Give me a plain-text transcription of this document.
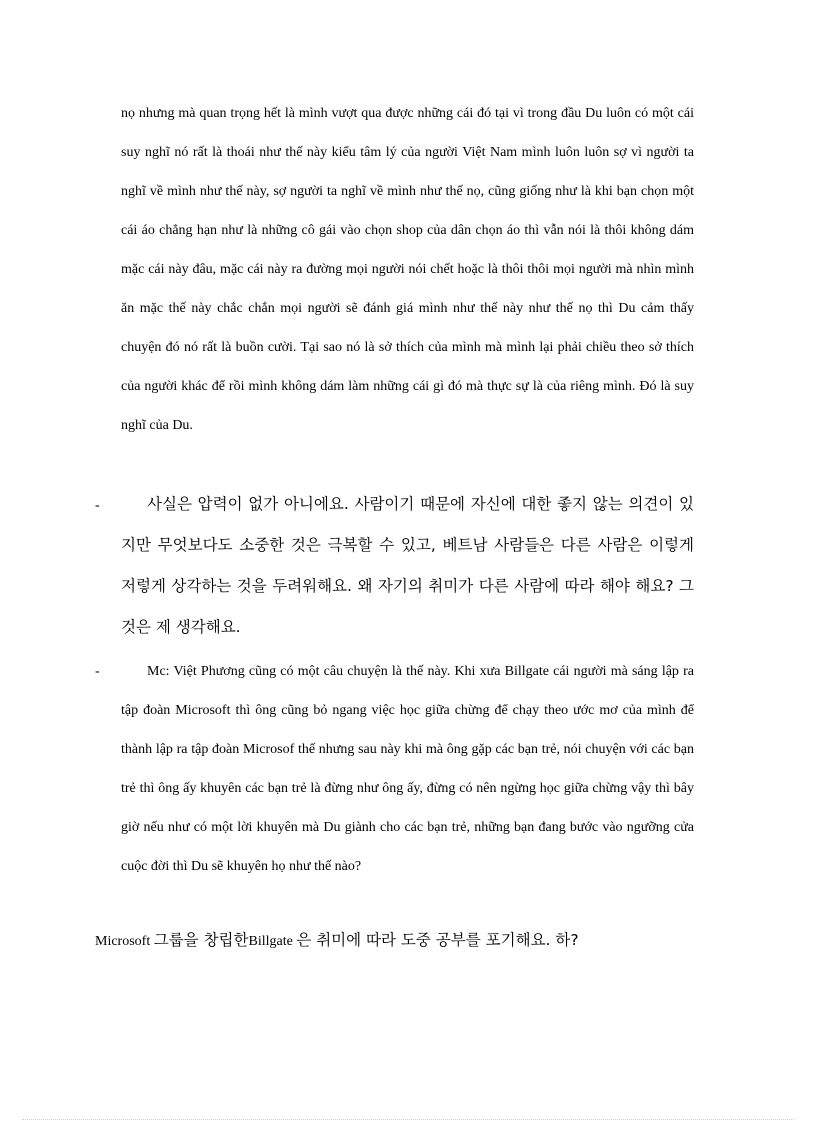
nọ nhưng mà quan trọng hết là mình vượt qua được những cái đó tại vì trong đầu Du luôn có một cái suy nghĩ nó rất là thoái như thế này kiểu tâm lý của người Việt Nam mình luôn luôn sợ vì người ta nghĩ về mình như thế này, sợ người ta nghĩ về mình như thế nọ, cũng giống như là khi bạn chọn một cái áo chẳng hạn như là những cô gái vào chọn shop của dân chọn áo thì vẫn nói là thôi không dám mặc cái này đâu, mặc cái này ra đường mọi người nói chết hoặc là thôi thôi mọi người mà nhìn mình ăn mặc thế này chắc chắn mọi người sẽ đánh giá mình như thế này như thế nọ thì Du cảm thấy chuyện đó nó rất là buồn cười. Tại sao nó là sở thích của mình mà mình lại phải chiều theo sở thích của người khác để rồi mình không dám làm những cái gì đó mà thực sự là của riêng mình. Đó là suy nghĩ của Du.
-	사실은 압력이 없가 아니에요. 사람이기 때문에 자신에 대한 좋지 않는 의견이 있지만 무엇보다도 소중한 것은 극복할 수 있고, 베트남 사람들은 다른 사람은 이렇게 저렇게 상각하는 것을 두려워해요. 왜 자기의 취미가 다른 사람에 따라 해야 해요? 그 것은 제 생각해요.
-	Mc: Việt Phương cũng có một câu chuyện là thế này. Khi xưa Billgate cái người mà sáng lập ra tập đoàn Microsoft thì ông cũng bỏ ngang việc học giữa chừng để chạy theo ước mơ của mình để thành lập ra tập đoàn Microsof thế nhưng sau này khi mà ông gặp các bạn trẻ, nói chuyện với các bạn trẻ thì ông ấy khuyên các bạn trẻ là đừng như ông ấy, đừng có nên ngừng học giữa chừng vậy thì bây giờ nếu như có một lời khuyên mà Du giành cho các bạn trẻ, những bạn đang bước vào ngưỡng cửa cuộc đời thì Du sẽ khuyên họ như thế nào?
Microsoft 그룹을 창립한Billgate 은 취미에 따라 도중 공부를 포기해요. 하?
